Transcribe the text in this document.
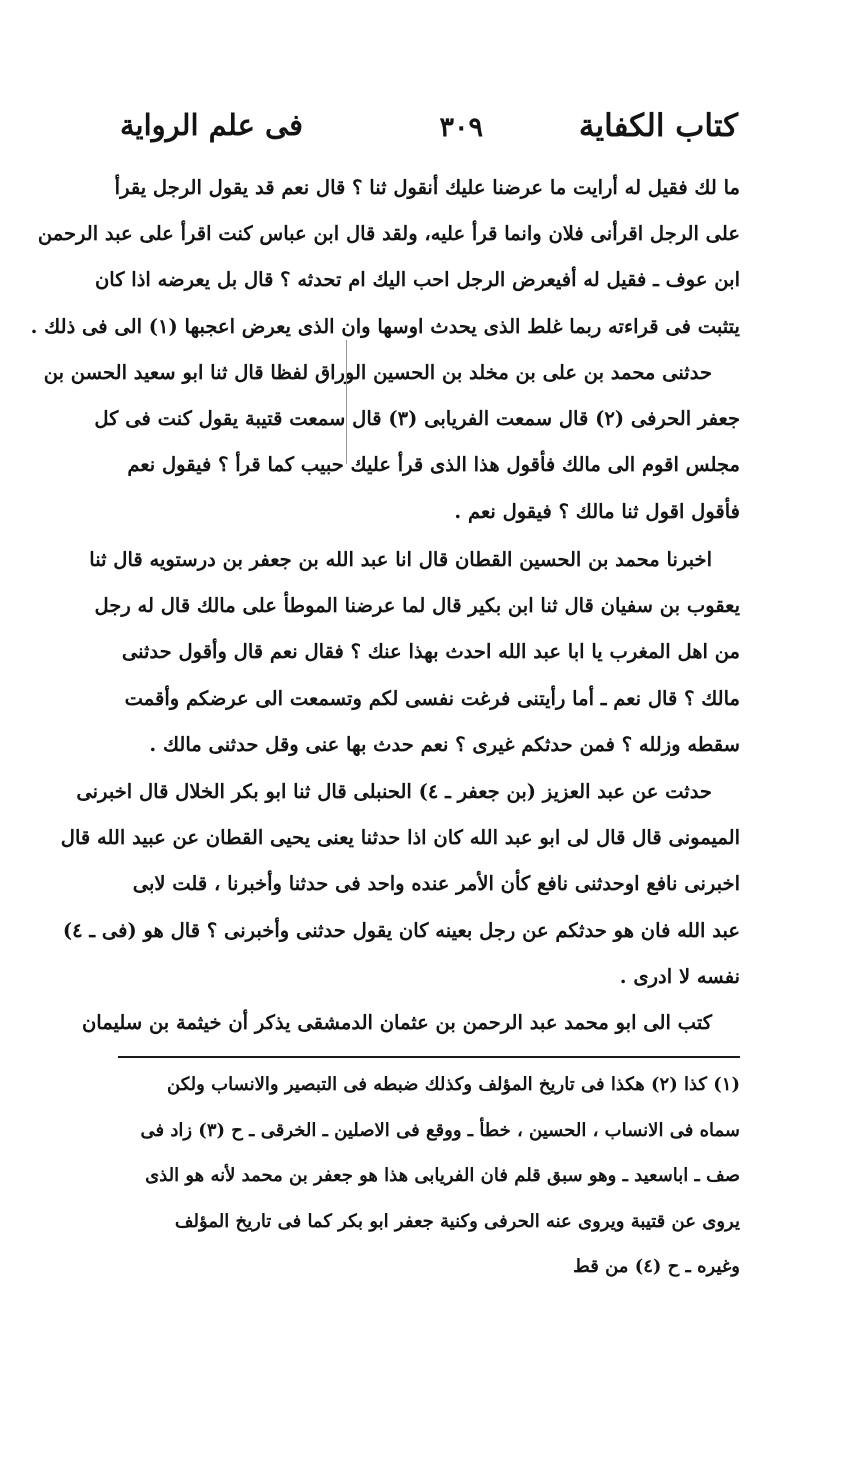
كتاب الكفاية
٣٠٩
فى علم الرواية
ما لك فقيل له أرايت ما عرضنا عليك أنقول ثنا ؟ قال نعم قد يقول الرجل يقرأ
على الرجل اقرأنى فلان وانما قرأ عليه، ولقد قال ابن عباس كنت اقرأ على عبد الرحمن
ابن عوف ـ فقيل له أفيعرض الرجل احب اليك ام تحدثه ؟ قال بل يعرضه اذا كان
يتثبت فى قراءته ربما غلط الذى يحدث اوسها وان الذى يعرض اعجبها (١) الى فى ذلك .
حدثنى محمد بن على بن مخلد بن الحسين الوراق لفظا قال ثنا ابو سعيد الحسن بن
جعفر الحرفى (٢) قال سمعت الفريابى (٣) قال سمعت قتيبة يقول كنت فى كل
مجلس اقوم الى مالك فأقول هذا الذى قرأ عليك حبيب كما قرأ ؟ فيقول نعم
فأقول اقول ثنا مالك ؟ فيقول نعم .
اخبرنا محمد بن الحسين القطان قال انا عبد الله بن جعفر بن درستويه قال ثنا
يعقوب بن سفيان قال ثنا ابن بكير قال لما عرضنا الموطأ على مالك قال له رجل
من اهل المغرب يا ابا عبد الله احدث بهذا عنك ؟ فقال نعم قال وأقول حدثنى
مالك ؟ قال نعم ـ أما رأيتنى فرغت نفسى لكم وتسمعت الى عرضكم وأقمت
سقطه وزلله ؟ فمن حدثكم غيرى ؟ نعم حدث بها عنى وقل حدثنى مالك .
حدثت عن عبد العزيز (بن جعفر ـ ٤) الحنبلى قال ثنا ابو بكر الخلال قال اخبرنى
الميمونى قال قال لى ابو عبد الله كان اذا حدثنا يعنى يحيى القطان عن عبيد الله قال
اخبرنى نافع اوحدثنى نافع كأن الأمر عنده واحد فى حدثنا وأخبرنا ، قلت لابى
عبد الله فان هو حدثكم عن رجل بعينه كان يقول حدثنى وأخبرنى ؟ قال هو (فى ـ ٤)
نفسه لا ادرى .
كتب الى ابو محمد عبد الرحمن بن عثمان الدمشقى يذكر أن خيثمة بن سليمان
(١) كذا (٢) هكذا فى تاريخ المؤلف وكذلك ضبطه فى التبصير والانساب ولكن
سماه فى الانساب ، الحسين ، خطأ ـ ووقع فى الاصلين ـ الخرقى ـ ح (٣) زاد فى
صف ـ اباسعيد ـ وهو سبق قلم فان الفريابى هذا هو جعفر بن محمد لأنه هو الذى
يروى عن قتيبة ويروى عنه الحرفى وكنية جعفر ابو بكر كما فى تاريخ المؤلف
وغيره ـ ح (٤) من قط
